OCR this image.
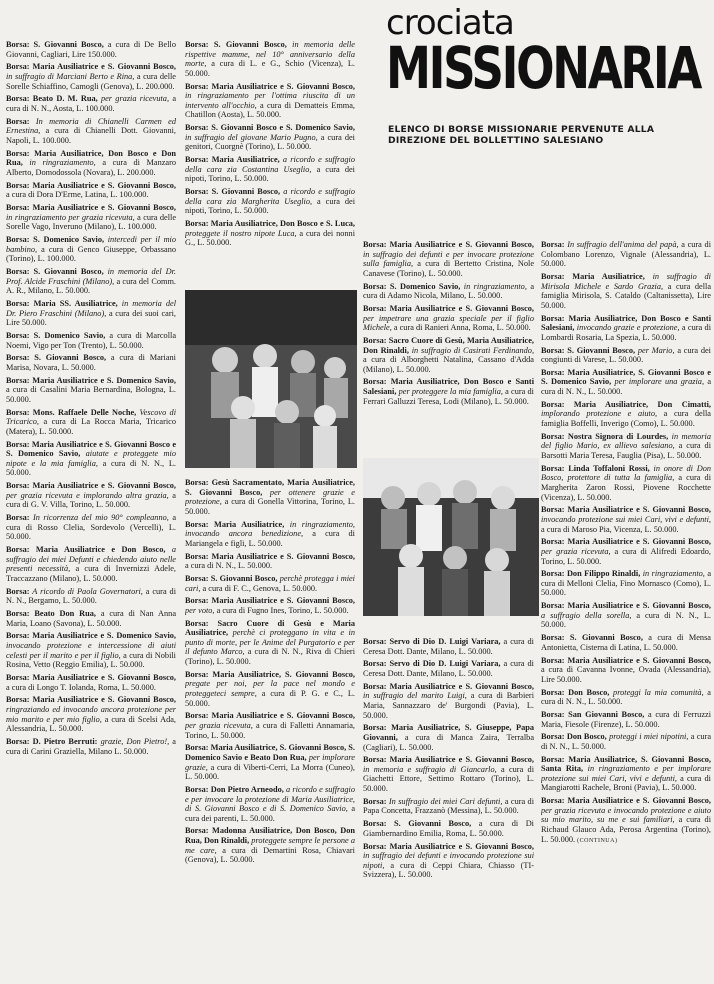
crociata
MISSIONARIA
ELENCO DI BORSE MISSIONARIE PERVENUTE ALLA DIREZIONE DEL BOLLETTINO SALESIANO

Borsa: S. Giovanni Bosco, a cura di De Bello Giovanni, Cagliari, Lire 150.000.

Borsa: Maria Ausiliatrice e S. Giovanni Bosco, in suffragio di Marciani Berto e Rina, a cura delle Sorelle Schiaffino, Camogli (Genova), L. 200.000.

Borsa: Beato D. M. Rua, per grazia ricevuta, a cura di N. N., Aosta, L. 100.000.

Borsa: In memoria di Chianelli Carmen ed Ernestina, a cura di Chianelli Dott. Giovanni, Napoli, L. 100.000.

Borsa: Maria Ausiliatrice, Don Bosco e Don Rua, in ringraziamento, a cura di Manzaro Alberto, Domodossola (Novara), L. 200.000.

Borsa: Maria Ausiliatrice e S. Giovanni Bosco, a cura di Dora D'Erme, Latina, L. 100.000.

Borsa: Maria Ausiliatrice e S. Giovanni Bosco, in ringraziamento per grazia ricevuta, a cura delle Sorelle Vago, Inveruno (Milano), L. 100.000.

Borsa: S. Domenico Savio, intercedi per il mio bambino, a cura di Genco Giuseppe, Orbassano (Torino), L. 100.000.

Borsa: S. Giovanni Bosco, in memoria del Dr. Prof. Alcide Fraschini (Milano), a cura del Comm. A. R., Milano, L. 50.000.

Borsa: Maria SS. Ausiliatrice, in memoria del Dr. Piero Fraschini (Milano), a cura dei suoi cari, Lire 50.000.

Borsa: S. Domenico Savio, a cura di Marcolla Noemi, Vigo per Ton (Trento), L. 50.000.

Borsa: S. Giovanni Bosco, a cura di Mariani Marisa, Novara, L. 50.000.

Borsa: Maria Ausiliatrice e S. Domenico Savio, a cura di Casalini Maria Bernardina, Bologna, L. 50.000.

Borsa: Mons. Raffaele Delle Noche, Vescovo di Tricarico, a cura di La Rocca Maria, Tricarico (Matera), L. 50.000.

Borsa: Maria Ausiliatrice e S. Giovanni Bosco e S. Domenico Savio, aiutate e proteggete mio nipote e la mia famiglia, a cura di N. N., L. 50.000.

Borsa: Maria Ausiliatrice e S. Giovanni Bosco, per grazia ricevuta e implorando altra grazia, a cura di G. V. Villa, Torino, L. 50.000.

Borsa: In ricorrenza del mio 90° compleanno, a cura di Rosso Clelia, Sordevolo (Vercelli), L. 50.000.

Borsa: Maria Ausiliatrice e Don Bosco, a suffragio dei miei Defunti e chiedendo aiuto nelle presenti necessità, a cura di Invernizzi Adele, Traccazzano (Milano), L. 50.000.

Borsa: A ricordo di Paola Governatori, a cura di N. N., Bergamo, L. 50.000.

Borsa: Beato Don Rua, a cura di Nan Anna Maria, Loano (Savona), L. 50.000.

Borsa: Maria Ausiliatrice e S. Domenico Savio, invocando protezione e intercessione di aiuti celesti per il marito e per il figlio, a cura di Nobili Rosina, Vetto (Reggio Emilia), L. 50.000.

Borsa: Maria Ausiliatrice e S. Giovanni Bosco, a cura di Longo T. Iolanda, Roma, L. 50.000.

Borsa: Maria Ausiliatrice e S. Giovanni Bosco, ringraziando ed invocando ancora protezione per mio marito e per mio figlio, a cura di Scelsi Ada, Alessandria, L. 50.000.

Borsa: D. Pietro Berruti: grazie, Don Pietro!, a cura di Carini Graziella, Milano L. 50.000.

Borsa: S. Giovanni Bosco, in memoria delle rispettive mamme, nel 10° anniversario della morte, a cura di L. e G., Schio (Vicenza), L. 50.000.

Borsa: Maria Ausiliatrice e S. Giovanni Bosco, in ringraziamento per l'ottima riuscita di un intervento all'occhio, a cura di Dematteis Emma, Chatillon (Aosta), L. 50.000.

Borsa: S. Giovanni Bosco e S. Domenico Savio, in suffragio del giovane Mario Pugno, a cura dei genitori, Cuorgnè (Torino), L. 50.000.

Borsa: Maria Ausiliatrice, a ricordo e suffragio della cara zia Costantina Useglio, a cura dei nipoti, Torino, L. 50.000.

Borsa: S. Giovanni Bosco, a ricordo e suffragio della cara zia Margherita Useglio, a cura dei nipoti, Torino, L. 50.000.

Borsa: Maria Ausiliatrice, Don Bosco e S. Luca, proteggete il nostro nipote Luca, a cura dei nonni G., L. 50.000.

Borsa: Gesù Sacramentato, Maria Ausiliatrice, S. Giovanni Bosco, per ottenere grazie e protezione, a cura di Gonella Vittorina, Torino, L. 50.000.

Borsa: Maria Ausiliatrice, in ringraziamento, invocando ancora benedizione, a cura di Mariangela e figli, L. 50.000.

Borsa: Maria Ausiliatrice e S. Giovanni Bosco, a cura di N. N., L. 50.000.

Borsa: S. Giovanni Bosco, perchè protegga i miei cari, a cura di F. C., Genova, L. 50.000.

Borsa: Maria Ausiliatrice e S. Giovanni Bosco, per voto, a cura di Fugno Ines, Torino, L. 50.000.

Borsa: Sacro Cuore di Gesù e Maria Ausiliatrice, perchè ci proteggano in vita e in punto di morte, per le Anime del Purgatorio e per il defunto Marco, a cura di N. N., Riva di Chieri (Torino), L. 50.000.

Borsa: Maria Ausiliatrice, S. Giovanni Bosco, pregate per noi, per la pace nel mondo e proteggeteci sempre, a cura di P. G. e C., L. 50.000.

Borsa: Maria Ausiliatrice e S. Giovanni Bosco, per grazia ricevuta, a cura di Falletti Annamaria, Torino, L. 50.000.

Borsa: Maria Ausiliatrice, S. Giovanni Bosco, S. Domenico Savio e Beato Don Rua, per implorare grazie, a cura di Viberti-Cerri, La Morra (Cuneo), L. 50.000.

Borsa: Don Pietro Arneodo, a ricordo e suffragio e per invocare la protezione di Maria Ausiliatrice, di S. Giovanni Bosco e di S. Domenico Savio, a cura dei parenti, L. 50.000.

Borsa: Madonna Ausiliatrice, Don Bosco, Don Rua, Don Rinaldi, proteggete sempre le persone a me care, a cura di Demartini Rosa, Chiavari (Genova), L. 50.000.

Borsa: Maria Ausiliatrice e S. Giovanni Bosco, in suffragio dei defunti e per invocare protezione sulla famiglia, a cura di Bertetto Cristina, Nole Canavese (Torino), L. 50.000.

Borsa: S. Domenico Savio, in ringraziamento, a cura di Adamo Nicola, Milano, L. 50.000.

Borsa: Maria Ausiliatrice e S. Giovanni Bosco, per impetrare una grazia speciale per il figlio Michele, a cura di Ranieri Anna, Roma, L. 50.000.

Borsa: Sacro Cuore di Gesù, Maria Ausiliatrice, Don Rinaldi, in suffragio di Casirati Ferdinando, a cura di Alborghetti Natalina, Cassano d'Adda (Milano), L. 50.000.

Borsa: Maria Ausiliatrice, Don Bosco e Santi Salesiani, per proteggere la mia famiglia, a cura di Ferrari Galluzzi Teresa, Lodi (Milano), L. 50.000.

Borsa: Servo di Dio D. Luigi Variara, a cura di Ceresa Dott. Dante, Milano, L. 50.000.

Borsa: Servo di Dio D. Luigi Variara, a cura di Ceresa Dott. Dante, Milano, L. 50.000.

Borsa: Maria Ausiliatrice e S. Giovanni Bosco, in suffragio del marito Luigi, a cura di Barbieri Maria, Sannazzaro de' Burgondi (Pavia), L. 50.000.

Borsa: Maria Ausiliatrice, S. Giuseppe, Papa Giovanni, a cura di Manca Zaira, Terralba (Cagliari), L. 50.000.

Borsa: Maria Ausiliatrice e S. Giovanni Bosco, in memoria e suffragio di Giancarlo, a cura di Giachetti Ettore, Settimo Rottaro (Torino), L. 50.000.

Borsa: In suffragio dei miei Cari defunti, a cura di Papa Concetta, Frazzanò (Messina), L. 50.000.

Borsa: S. Giovanni Bosco, a cura di Di Giambernardino Emilia, Roma, L. 50.000.

Borsa: Maria Ausiliatrice e S. Giovanni Bosco, in suffragio dei defunti e invocando protezione sui nipoti, a cura di Ceppi Chiara, Chiasso (TI-Svizzera), L. 50.000.

Borsa: In suffragio dell'anima del papà, a cura di Colombano Lorenzo, Vignale (Alessandria), L. 50.000.

Borsa: Maria Ausiliatrice, in suffragio di Mirisola Michele e Sardo Grazia, a cura della famiglia Mirisola, S. Cataldo (Caltanissetta), Lire 50.000.

Borsa: Maria Ausiliatrice, Don Bosco e Santi Salesiani, invocando grazie e protezione, a cura di Lombardi Rosaria, La Spezia, L. 50.000.

Borsa: S. Giovanni Bosco, per Mario, a cura dei congiunti di Varese, L. 50.000.

Borsa: Maria Ausiliatrice, S. Giovanni Bosco e S. Domenico Savio, per implorare una grazia, a cura di N. N., L. 50.000.

Borsa: Maria Ausiliatrice, Don Cimatti, implorando protezione e aiuto, a cura della famiglia Boffelli, Inverigo (Como), L. 50.000.

Borsa: Nostra Signora di Lourdes, in memoria del figlio Mario, ex allievo salesiano, a cura di Barsotti Maria Teresa, Fauglia (Pisa), L. 50.000.

Borsa: Linda Toffaloni Rossi, in onore di Don Bosco, protettore di tutta la famiglia, a cura di Margherita Zaron Rossi, Piovene Rocchette (Vicenza), L. 50.000.

Borsa: Maria Ausiliatrice e S. Giovanni Bosco, invocando protezione sui miei Cari, vivi e defunti, a cura di Maroso Pia, Vicenza, L. 50.000.

Borsa: Maria Ausiliatrice e S. Giovanni Bosco, per grazia ricevuta, a cura di Alifredi Edoardo, Torino, L. 50.000.

Borsa: Don Filippo Rinaldi, in ringraziamento, a cura di Melloni Clelia, Fino Mornasco (Como), L. 50.000.

Borsa: Maria Ausiliatrice e S. Giovanni Bosco, a suffragio della sorella, a cura di N. N., L. 50.000.

Borsa: S. Giovanni Bosco, a cura di Mensa Antonietta, Cisterna di Latina, L. 50.000.

Borsa: Maria Ausiliatrice e S. Giovanni Bosco, a cura di Cavanna Ivonne, Ovada (Alessandria), Lire 50.000.

Borsa: Don Bosco, proteggi la mia comunità, a cura di N. N., L. 50.000.

Borsa: San Giovanni Bosco, a cura di Ferruzzi Maria, Fiesole (Firenze), L. 50.000.

Borsa: Don Bosco, proteggi i miei nipotini, a cura di N. N., L. 50.000.

Borsa: Maria Ausiliatrice, S. Giovanni Bosco, Santa Rita, in ringraziamento e per implorare protezione sui miei Cari, vivi e defunti, a cura di Mangiarotti Rachele, Broni (Pavia), L. 50.000.

Borsa: Maria Ausiliatrice e S. Giovanni Bosco, per grazia ricevuta e invocando protezione e aiuto su mio marito, su me e sui familiari, a cura di Richaud Glauco Ada, Perosa Argentina (Torino), L. 50.000. (CONTINUA)
